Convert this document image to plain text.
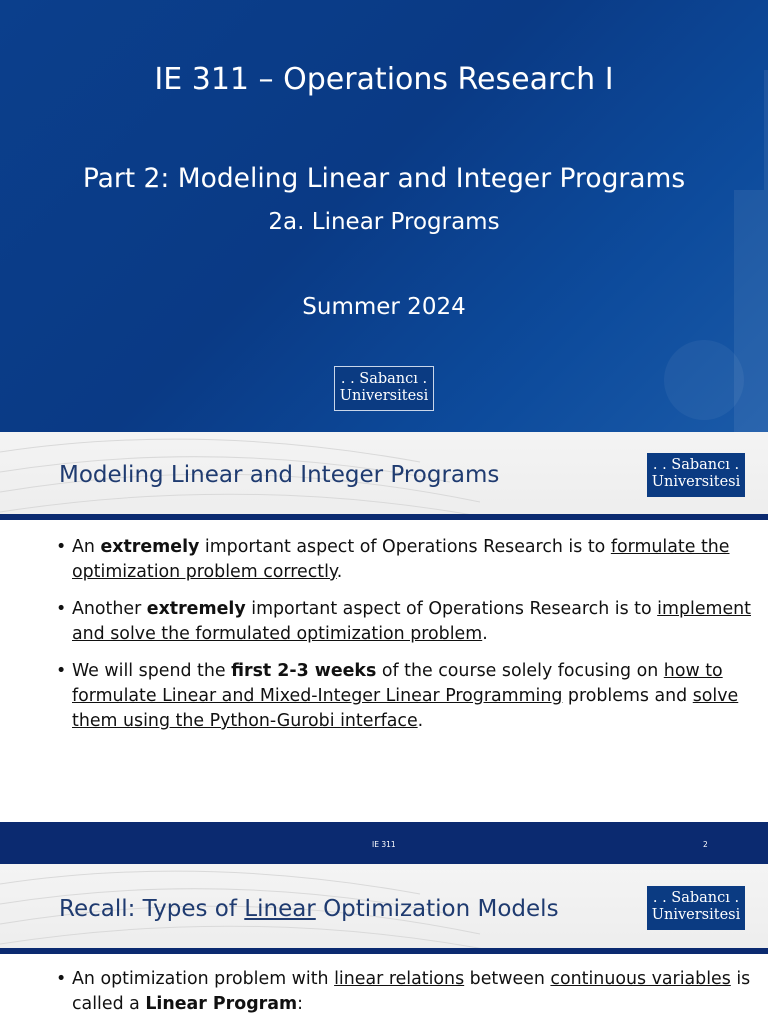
IE 311 – Operations Research I
Part 2: Modeling Linear and Integer Programs
2a. Linear Programs
Summer 2024
. . Sabancı .
Universitesi
Modeling Linear and Integer Programs	. . Sabancı .
Universitesi
• An extremely important aspect of Operations Research is to formulate the optimization problem correctly.
• Another extremely important aspect of Operations Research is to implement and solve the formulated optimization problem.
• We will spend the first 2-3 weeks of the course solely focusing on how to formulate Linear and Mixed-Integer Linear Programming problems and solve them using the Python-Gurobi interface.
IE 311	2
Recall: Types of Linear Optimization Models	. . Sabancı .
Universitesi
• An optimization problem with linear relations between continuous variables is called a Linear Program:
